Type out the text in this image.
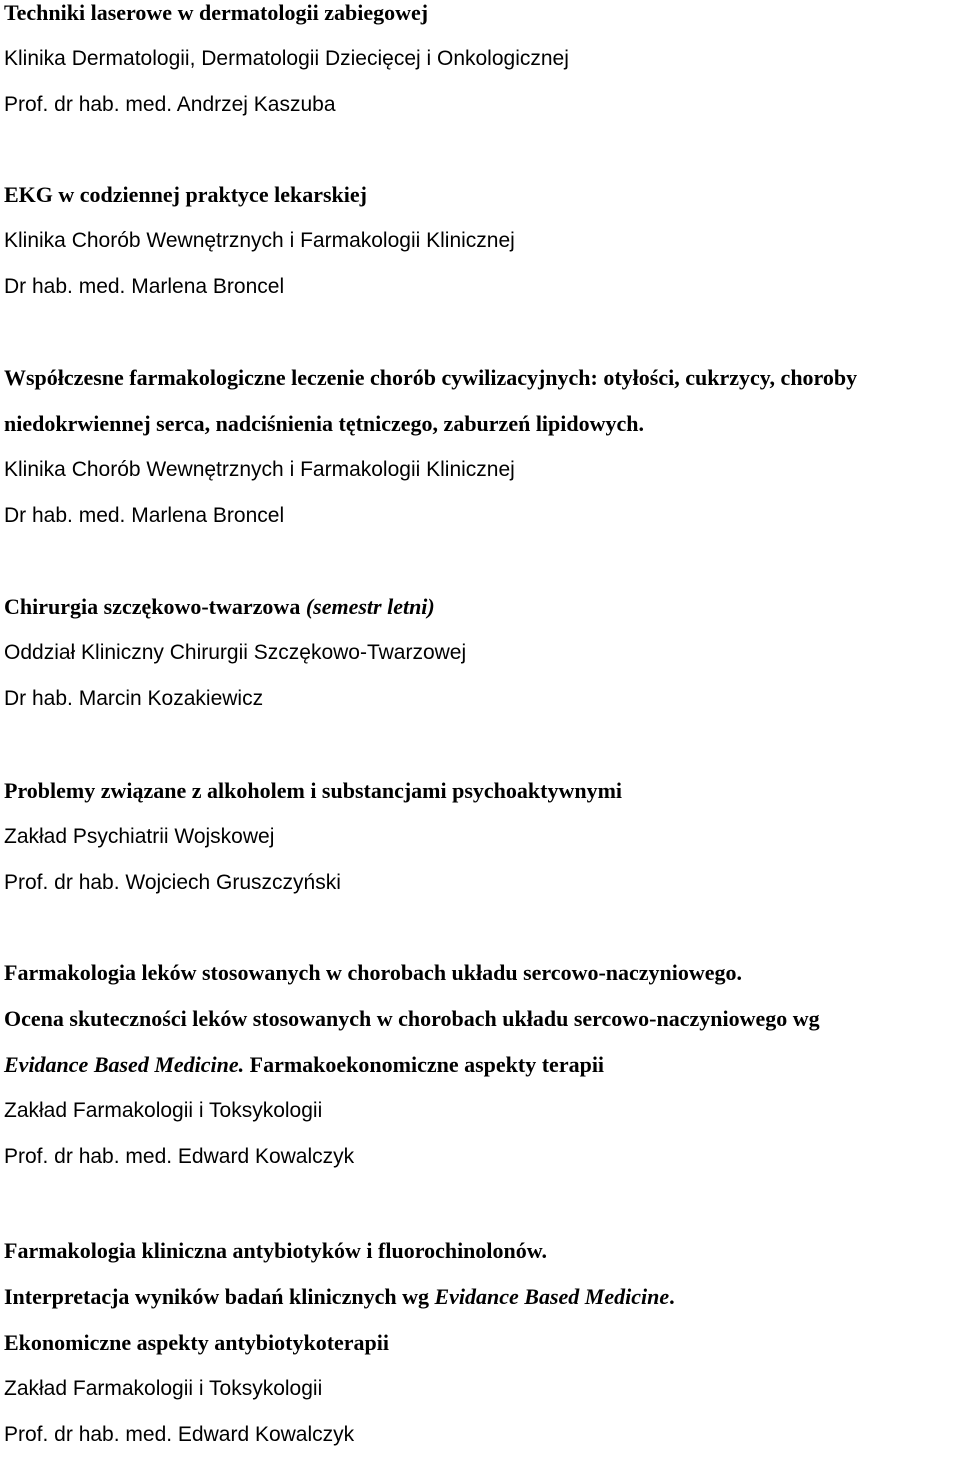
Techniki laserowe w dermatologii zabiegowej
Klinika Dermatologii, Dermatologii Dziecięcej i Onkologicznej
Prof. dr hab. med. Andrzej Kaszuba
EKG w codziennej praktyce lekarskiej
Klinika Chorób Wewnętrznych i Farmakologii Klinicznej
Dr hab. med. Marlena Broncel
Współczesne farmakologiczne leczenie chorób cywilizacyjnych: otyłości, cukrzycy, choroby
niedokrwiennej serca, nadciśnienia tętniczego, zaburzeń lipidowych.
Klinika Chorób Wewnętrznych i Farmakologii Klinicznej
Dr hab. med. Marlena Broncel
Chirurgia szczękowo-twarzowa (semestr letni)
Oddział Kliniczny Chirurgii Szczękowo-Twarzowej
Dr hab. Marcin Kozakiewicz
Problemy związane z alkoholem i substancjami psychoaktywnymi
Zakład Psychiatrii Wojskowej
Prof. dr hab. Wojciech Gruszczyński
Farmakologia leków stosowanych w chorobach układu sercowo-naczyniowego.
Ocena skuteczności leków stosowanych w chorobach układu sercowo-naczyniowego wg
Evidance Based Medicine. Farmakoekonomiczne aspekty terapii
Zakład Farmakologii i Toksykologii
Prof. dr hab. med. Edward Kowalczyk
Farmakologia kliniczna antybiotyków i fluorochinolonów.
Interpretacja wyników badań klinicznych wg Evidance Based Medicine.
Ekonomiczne aspekty antybiotykoterapii
Zakład Farmakologii i Toksykologii
Prof. dr hab. med. Edward Kowalczyk
